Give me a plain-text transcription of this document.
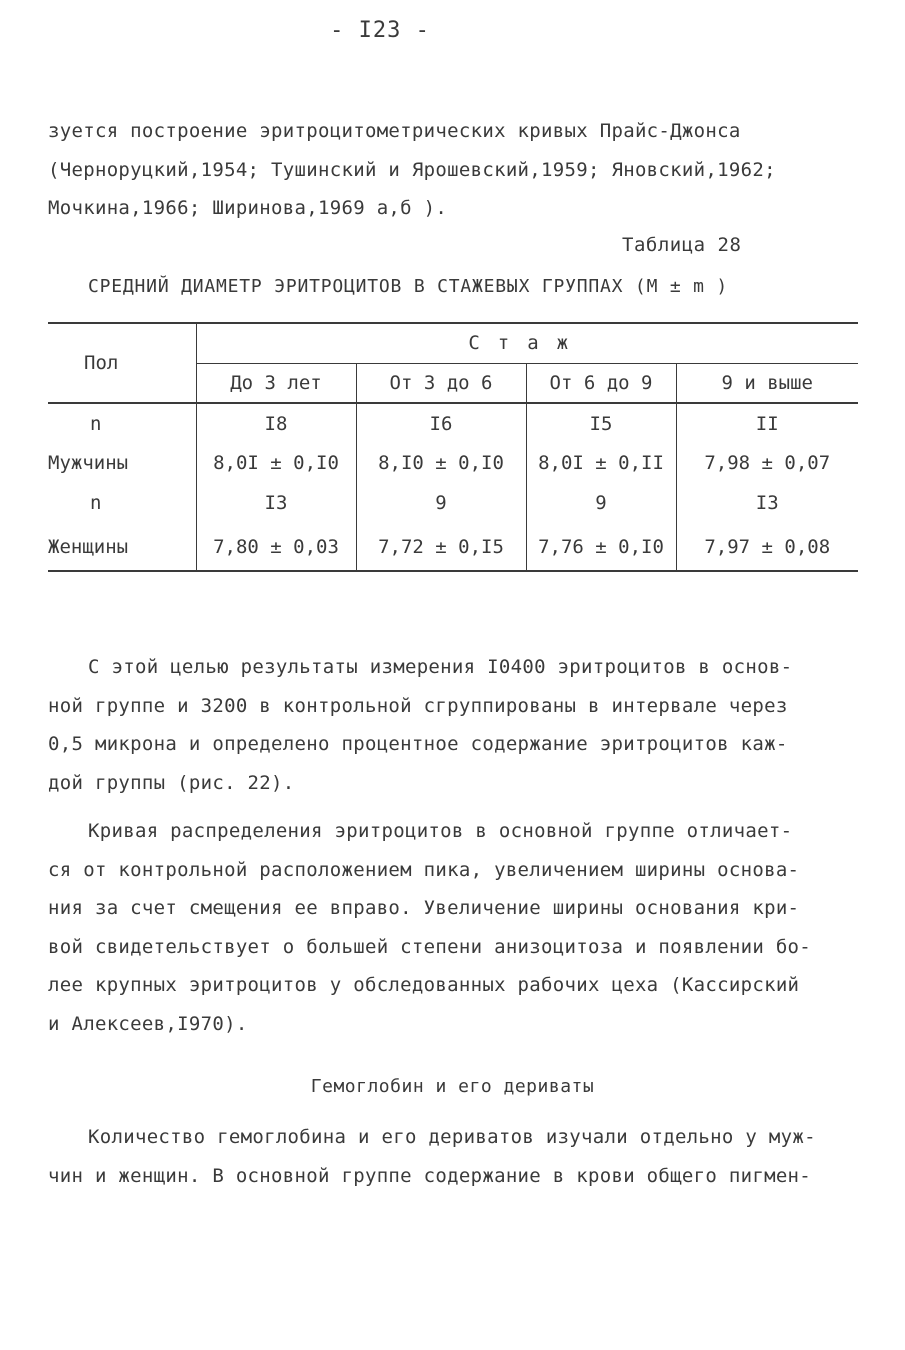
- I23 -

зуется построение эритроцитометрических кривых Прайс-Джонса
(Черноруцкий,1954; Тушинский и Ярошевский,1959; Яновский,1962;
Мочкина,1966; Ширинова,1969 а,б ).

Таблица 28
СРЕДНИЙ ДИАМЕТР ЭРИТРОЦИТОВ В СТАЖЕВЫХ ГРУППАХ (М ± m )
Пол	Стаж			
	До 3 лет	От 3 до 6	От 6 до 9	9 и выше
n	I8	I6	I5	II
Мужчины	8,0I ± 0,I0	8,I0 ± 0,I0	8,0I ± 0,II	7,98 ± 0,07
n	I3	9	9	I3
Женщины	7,80 ± 0,03	7,72 ± 0,I5	7,76 ± 0,I0	7,97 ± 0,08

С этой целью результаты измерения I0400 эритроцитов в основ-
ной группе и 3200 в контрольной сгруппированы в интервале через
0,5 микрона и определено процентное содержание эритроцитов каж-
дой группы (рис. 22).

Кривая распределения эритроцитов в основной группе отличает-
ся от контрольной расположением пика, увеличением ширины основа-
ния за счет смещения ее вправо. Увеличение ширины основания кри-
вой свидетельствует о большей степени анизоцитоза и появлении бо-
лее крупных эритроцитов у обследованных рабочих цеха (Кассирский
и Алексеев,I970).

Гемоглобин и его дериваты

Количество гемоглобина и его дериватов изучали отдельно у муж-
чин и женщин. В основной группе содержание в крови общего пигмен-
